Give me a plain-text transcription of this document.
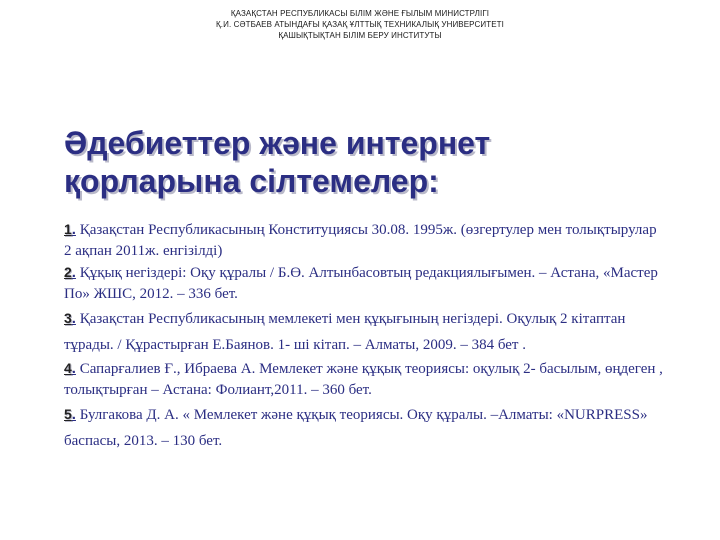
ҚАЗАҚСТАН РЕСПУБЛИКАСЫ БІЛІМ ЖӘНЕ ҒЫЛЫМ МИНИСТРЛІГІ
Қ.И. СӘТБАЕВ АТЫНДАҒЫ ҚАЗАҚ ҰЛТТЫҚ ТЕХНИКАЛЫҚ УНИВЕРСИТЕТІ
ҚАШЫҚТЫҚТАН БІЛІМ БЕРУ ИНСТИТУТЫ
Әдебиеттер және интернет
қорларына сілтемелер:

1. Қазақстан Республикасының Конституциясы 30.08. 1995ж. (өзгертулер мен толықтырулар 2 ақпан 2011ж. енгізілді)

2. Құқық негіздері: Оқу құралы / Б.Ө. Алтынбасовтың редакциялығымен. – Астана, «Мастер По» ЖШС, 2012. – 336 бет.

3. Қазақстан Республикасының мемлекеті мен құқығының негіздері. Оқулық 2 кітаптан тұрады. / Құрастырған Е.Баянов. 1- ші кітап. – Алматы, 2009. – 384 бет .

4. Сапарғалиев Ғ., Ибраева А. Мемлекет және құқық теориясы: оқулық 2- басылым, өңдеген , толықтырған – Астана: Фолиант,2011. – 360 бет.

5. Булгакова Д. А. « Мемлекет және құқық теориясы. Оқу құралы. –Алматы: «NURPRESS» баспасы, 2013. – 130 бет.
